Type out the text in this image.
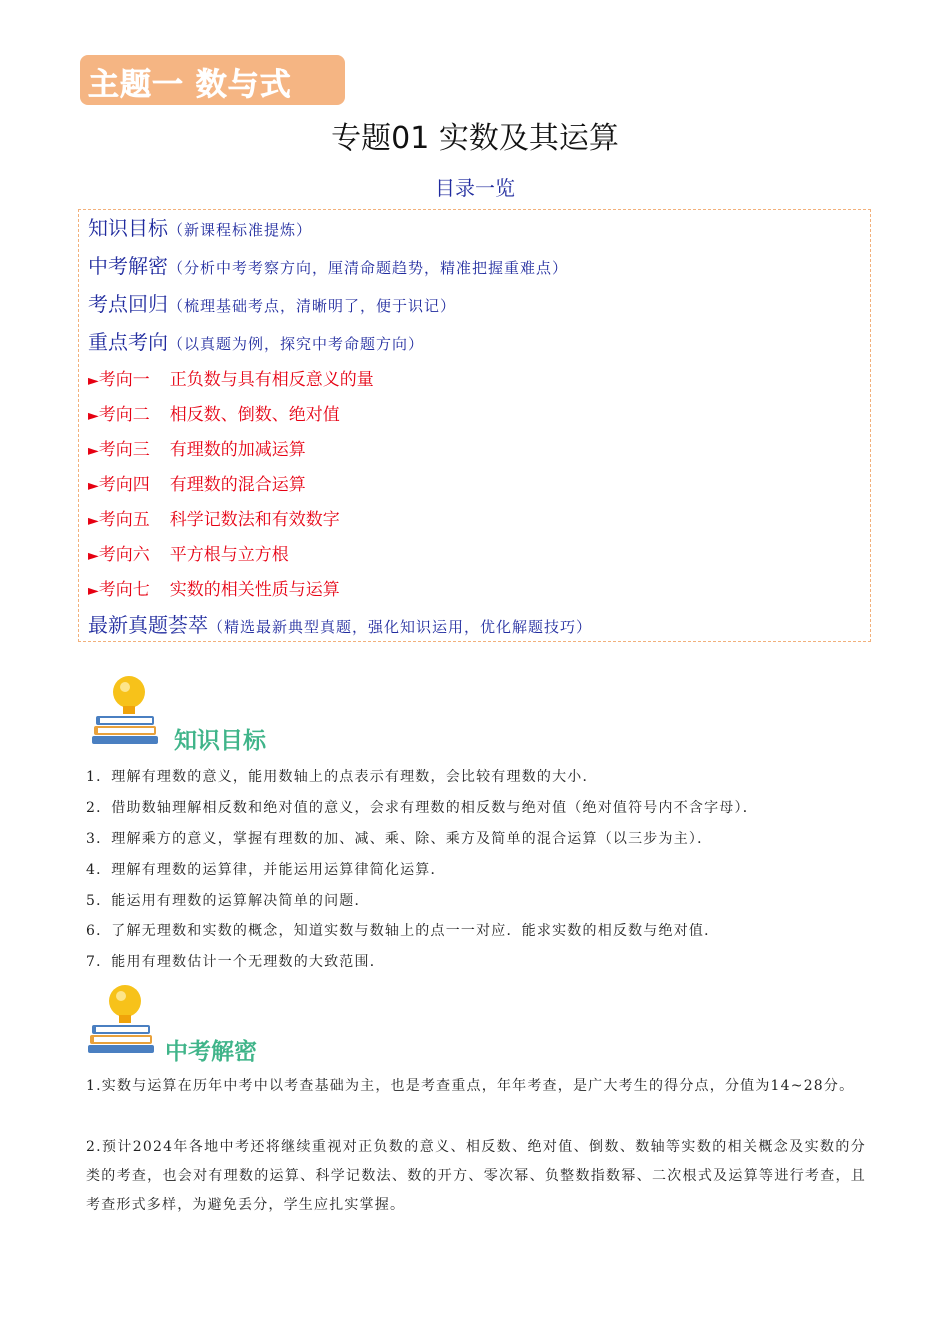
主题一 数与式
专题01 实数及其运算
目录一览
知识目标（新课程标准提炼）
中考解密（分析中考考察方向，厘清命题趋势，精准把握重难点）
考点回归（梳理基础考点，清晰明了，便于识记）
重点考向（以真题为例，探究中考命题方向）
►考向一 正负数与具有相反意义的量
►考向二 相反数、倒数、绝对值
►考向三 有理数的加减运算
►考向四 有理数的混合运算
►考向五 科学记数法和有效数字
►考向六 平方根与立方根
►考向七 实数的相关性质与运算
最新真题荟萃（精选最新典型真题，强化知识运用，优化解题技巧）
知识目标
1．理解有理数的意义，能用数轴上的点表示有理数，会比较有理数的大小．
2．借助数轴理解相反数和绝对值的意义，会求有理数的相反数与绝对值（绝对值符号内不含字母）．
3．理解乘方的意义，掌握有理数的加、减、乘、除、乘方及简单的混合运算（以三步为主）．
4．理解有理数的运算律，并能运用运算律简化运算．
5．能运用有理数的运算解决简单的问题．
6．了解无理数和实数的概念，知道实数与数轴上的点一一对应．能求实数的相反数与绝对值．
7．能用有理数估计一个无理数的大致范围．
中考解密
1.实数与运算在历年中考中以考查基础为主，也是考查重点，年年考查，是广大考生的得分点，分值为14~28分。
2.预计2024年各地中考还将继续重视对正负数的意义、相反数、绝对值、倒数、数轴等实数的相关概念及实数的分类的考查，也会对有理数的运算、科学记数法、数的开方、零次幂、负整数指数幂、二次根式及运算等进行考查，且考查形式多样，为避免丢分，学生应扎实掌握。
